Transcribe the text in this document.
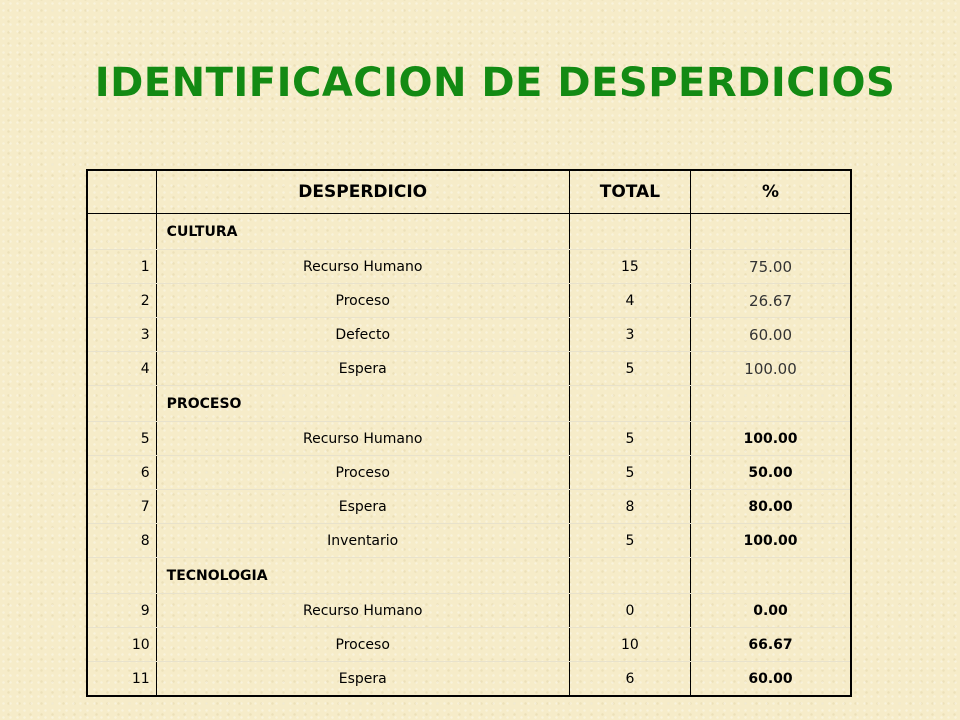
IDENTIFICACION DE DESPERDICIOS
	DESPERDICIO	TOTAL	%
	CULTURA		
1	Recurso Humano	15	75.00
2	Proceso	4	26.67
3	Defecto	3	60.00
4	Espera	5	100.00
	PROCESO		
5	Recurso Humano	5	100.00
6	Proceso	5	50.00
7	Espera	8	80.00
8	Inventario	5	100.00
	TECNOLOGIA		
9	Recurso Humano	0	0.00
10	Proceso	10	66.67
11	Espera	6	60.00
